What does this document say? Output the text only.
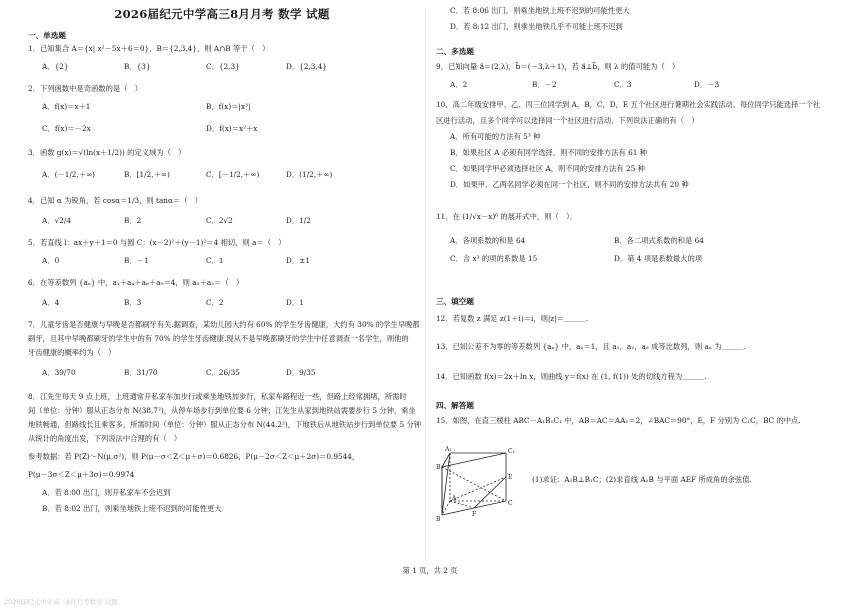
2026届纪元中学高三8月月考 数学 试题
一、单选题
1．已知集合 A＝{x| x²－5x＋6＝0}，B＝{2,3,4}，则 A∩B 等于（　）
A．{2}	B．{3}	C．{2,3}	D．{2,3,4}
2．下列函数中是奇函数的是（　）
A．f(x)＝x＋1	B．f(x)＝|x³|
C．f(x)＝－2x	D．f(x)＝x²＋x
3．函数 g(x)＝√(ln(x＋1/2)) 的定义域为（　）
A．(－1/2,＋∞)	B．[1/2,＋∞)	C．[－1/2,＋∞)	D．(1/2,＋∞)
4．已知 α 为锐角，若 cosα＝1/3，则 tanα＝（　）
A．√2/4	B．2	C．2√2	D．1/2
5．若直线 l：ax＋y＋1＝0 与圆 C：(x－2)²＋(y－1)²＝4 相切，则 a＝（　）
A．0	B．－1	C．1	D．±1
6．在等差数列 {aₙ} 中，a₁＋a₄＋a₆＋a₉＝4，则 a₅＋a₂＝（　）
A．4	B．3	C．2	D．1
7．儿童牙齿是否健康与早晚是否都刷牙有关.据调查，某幼儿园大约有 60% 的学生牙齿健康，大约有 30% 的学生早晚都
刷牙，且其中早晚都刷牙的学生中的有 70% 的学生牙齿健康.现从不是早晚都刷牙的学生中任意调查一名学生，则他的
牙齿健康的概率约为（　）
A．39/70	B．31/70	C．26/35	D．9/35
8．江先生每天 9 点上班，上班通常开私家车加步行或乘坐地铁加步行，私家车路程近一些，但路上经常拥堵，所需时
间（单位：分钟）服从正态分布 N(38,7²)，从停车场步行到单位要 6 分钟；江先生从家到地铁站需要步行 5 分钟，乘坐
地铁畅通，但路线长且乘客多，所需时间（单位：分钟）服从正态分布 N(44,2²)，下地铁后从地铁站步行到单位要 5 分钟
从统计的角度出发，下列说法中合理的有（　）
参考数据：若 P(Z)～N(μ,σ²)，则 P(μ－σ＜Z＜μ＋σ)＝0.6826，P(μ－2σ＜Z＜μ＋2σ)＝0.9544，
P(μ－3σ＜Z＜μ＋3σ)＝0.9974
A．若 8:00 出门，则开私家车不会迟到
B．若 8:02 出门，则乘坐地铁上班不迟到的可能性更大
C．若 8:06 出门，则乘坐地铁上班不迟到的可能性更大
D．若 8:12 出门，则乘坐地铁几乎不可能上班不迟到
二、多选题
9．已知向量 a⃗＝(2,λ)，b⃗＝(－3,λ＋1)，若 a⃗⊥b⃗，则 λ 的值可能为（　）
A．2	B．－2	C．3	D．－3
10．高二年级安排甲、乙、丙三位同学到 A，B，C，D，E 五个社区进行暑期社会实践活动，每位同学只能选择一个社
区进行活动，且多个同学可以选择同一个社区进行活动，下列说法正确的有（　）
A．所有可能的方法有 5³ 种
B．如果社区 A 必须有同学选择，则不同的安排方法有 61 种
C．如果同学甲必须选择社区 A，则不同的安排方法有 25 种
D．如果甲、乙两名同学必须在同一个社区，则不同的安排方法共有 20 种
11．在 (1/√x－x)⁶ 的展开式中，则（　）．
A．各项系数的和是 64	B．各二项式系数的和是 64
C．含 x³ 的项的系数是 15	D．第 4 项是系数最大的项
三、填空题
12．若复数 z 满足 z(1＋i)＝i，则|z|＝＿＿＿.
13．已知公差不为零的等差数列 {aₙ} 中，a₁＝1，且 a₁，a₂，a₅ 成等比数列，则 aₙ 为＿＿＿.
14．已知函数 f(x)＝2x＋ln x，则曲线 y＝f(x) 在 (1, f(1)) 处的切线方程为＿＿＿.
四、解答题
15．如图，在直三棱柱 ABC－A₁B₁C₁ 中，AB＝AC＝AA₁＝2，∠BAC＝90°，E，F 分别为 C₁C，BC 的中点.
A₁
B₁
C₁
A
B
C
E
F
(1)求证：A₁B⊥B₁C；(2)求直线 A₁B 与平面 AEF 所成角的余弦值.
第 1 页，共 2 页
2026届纪元中学高三8月月考数学 试题
